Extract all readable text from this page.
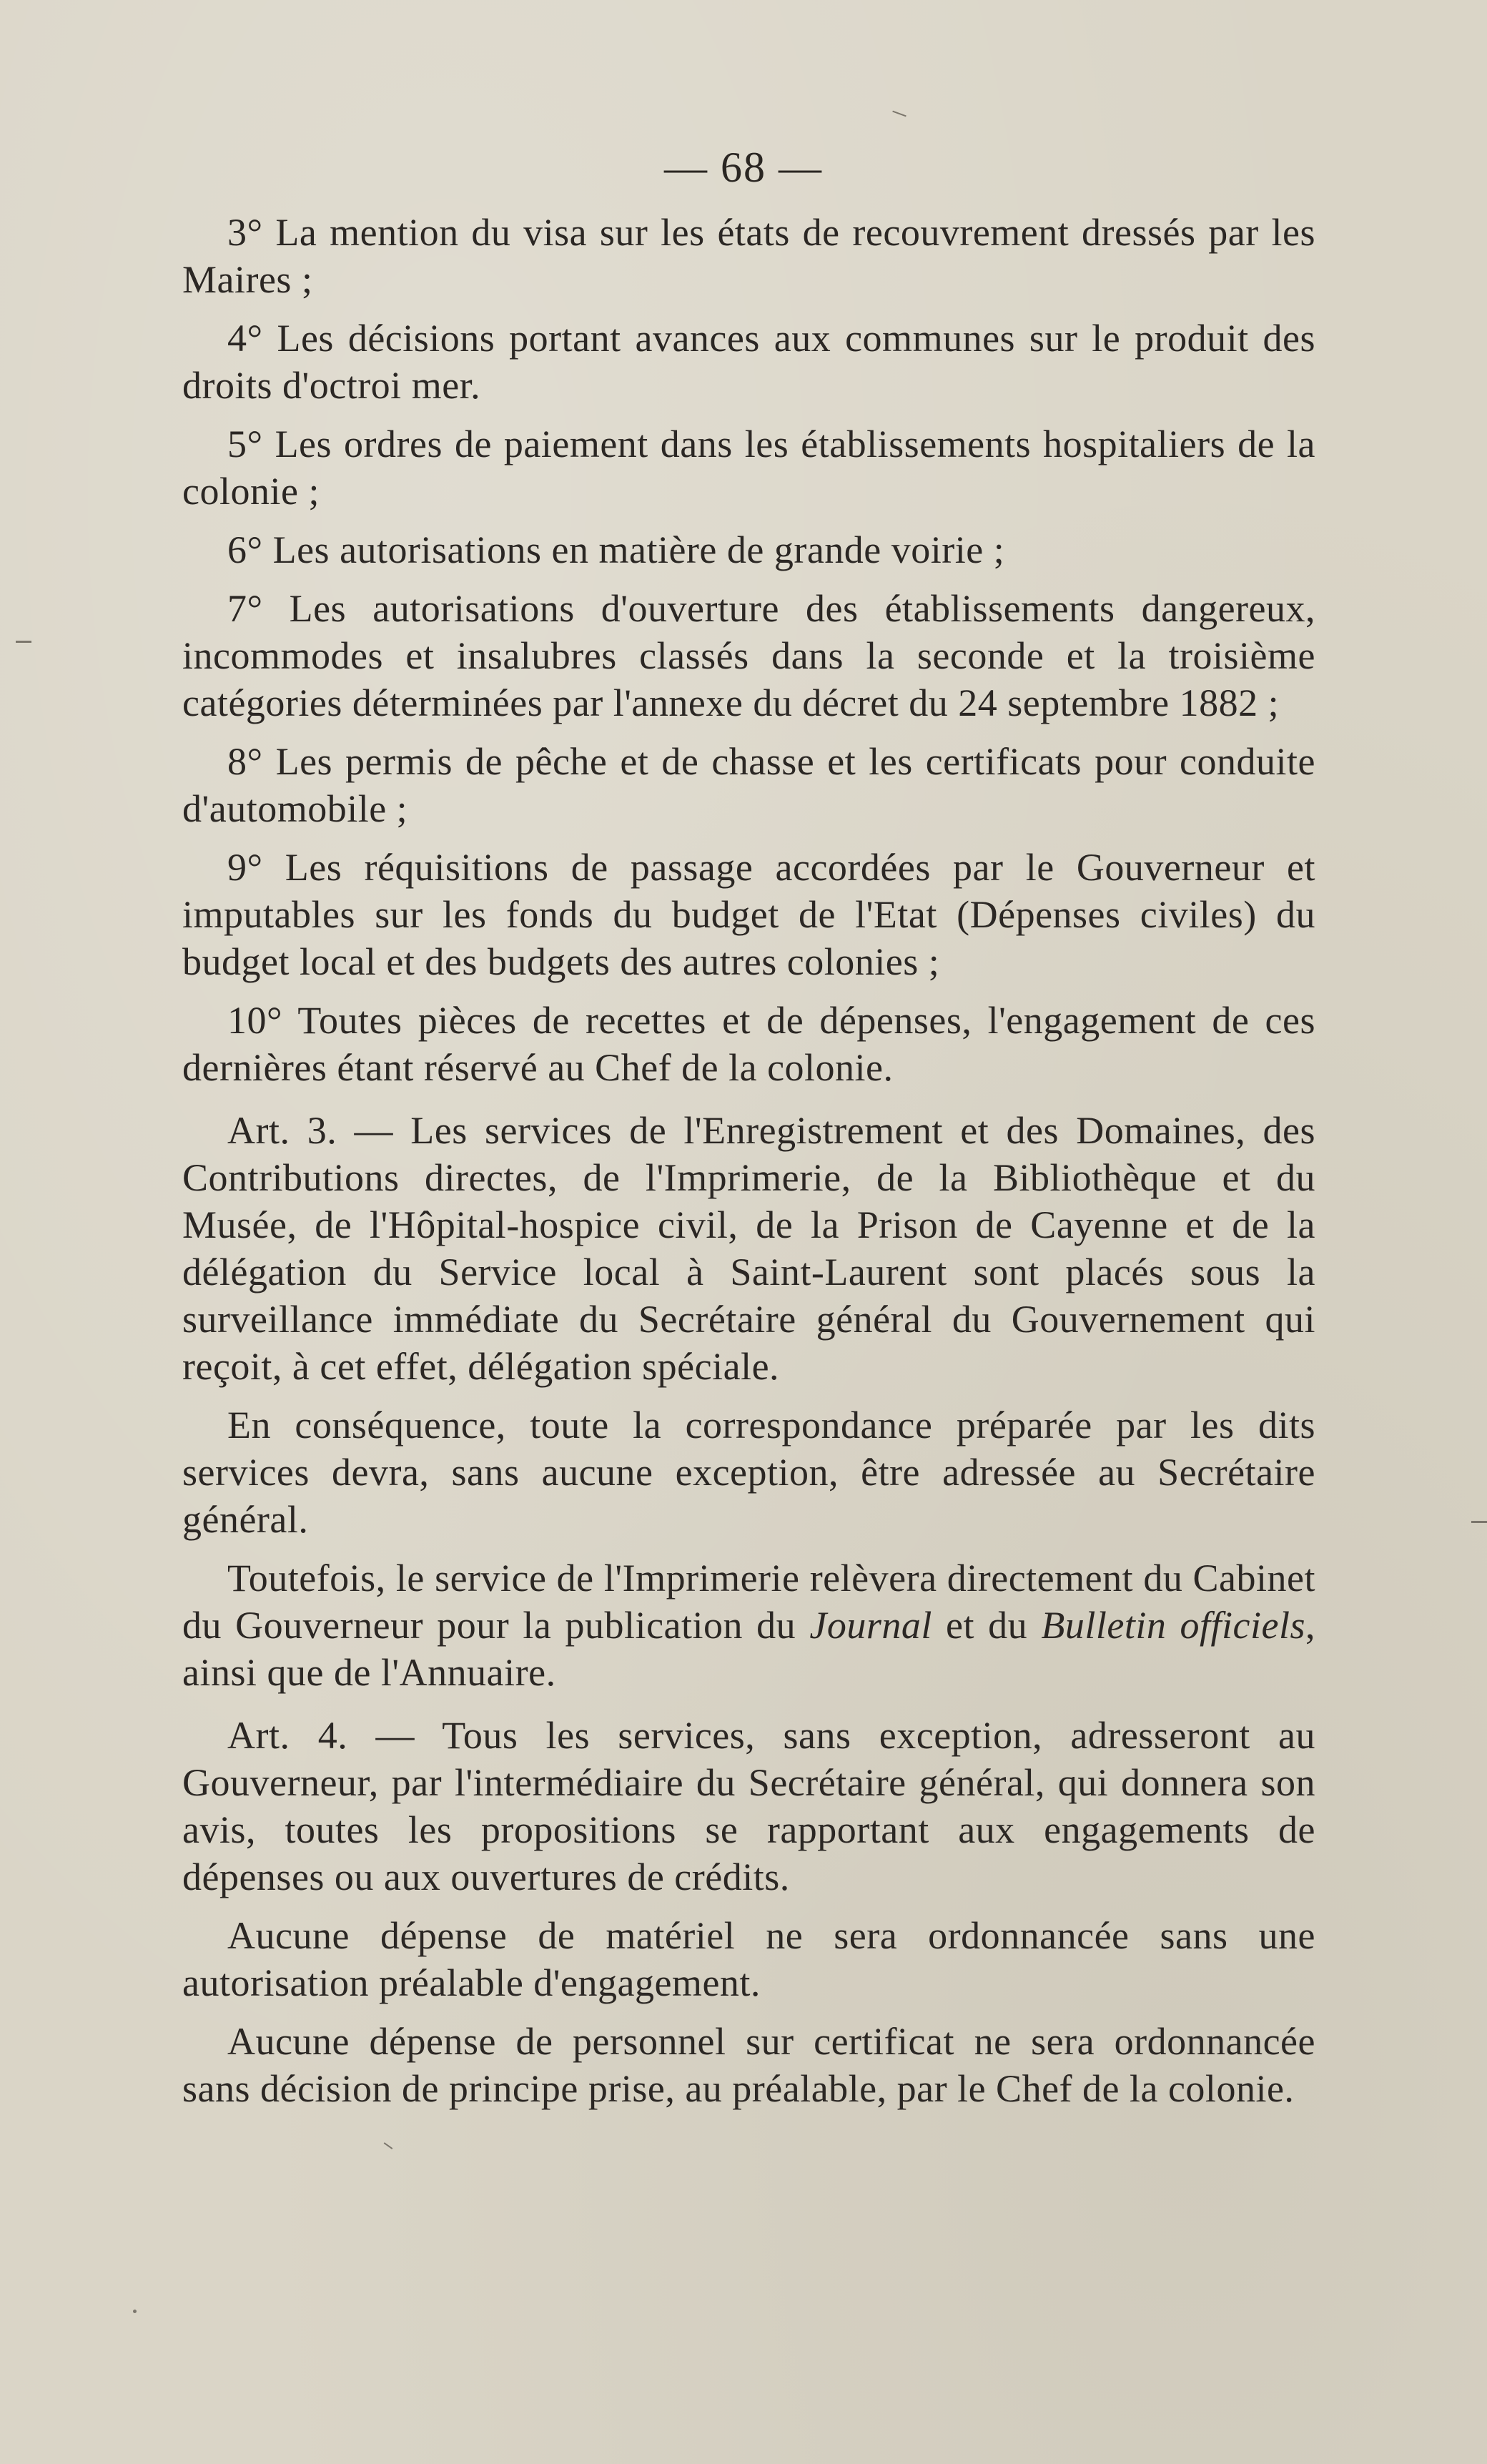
— 68 —

3° La mention du visa sur les états de recouvrement dressés par les Maires ;

4° Les décisions portant avances aux communes sur le produit des droits d'octroi mer.

5° Les ordres de paiement dans les établissements hospitaliers de la colonie ;

6° Les autorisations en matière de grande voirie ;

7° Les autorisations d'ouverture des établissements dangereux, incommodes et insalubres classés dans la seconde et la troisième catégories déterminées par l'annexe du décret du 24 septembre 1882 ;

8° Les permis de pêche et de chasse et les certificats pour conduite d'automobile ;

9° Les réquisitions de passage accordées par le Gouverneur et imputables sur les fonds du budget de l'Etat (Dépenses civiles) du budget local et des budgets des autres colonies ;

10° Toutes pièces de recettes et de dépenses, l'engagement de ces dernières étant réservé au Chef de la colonie.

Art. 3. — Les services de l'Enregistrement et des Domaines, des Contributions directes, de l'Imprimerie, de la Bibliothèque et du Musée, de l'Hôpital-hospice civil, de la Prison de Cayenne et de la délégation du Service local à Saint-Laurent sont placés sous la surveillance immédiate du Secrétaire général du Gouvernement qui reçoit, à cet effet, délégation spéciale.

En conséquence, toute la correspondance préparée par les dits services devra, sans aucune exception, être adressée au Secrétaire général.

Toutefois, le service de l'Imprimerie relèvera directement du Cabinet du Gouverneur pour la publication du Journal et du Bulletin officiels, ainsi que de l'Annuaire.

Art. 4. — Tous les services, sans exception, adresseront au Gouverneur, par l'intermédiaire du Secrétaire général, qui donnera son avis, toutes les propositions se rapportant aux engagements de dépenses ou aux ouvertures de crédits.

Aucune dépense de matériel ne sera ordonnancée sans une autorisation préalable d'engagement.

Aucune dépense de personnel sur certificat ne sera ordonnancée sans décision de principe prise, au préalable, par le Chef de la colonie.
